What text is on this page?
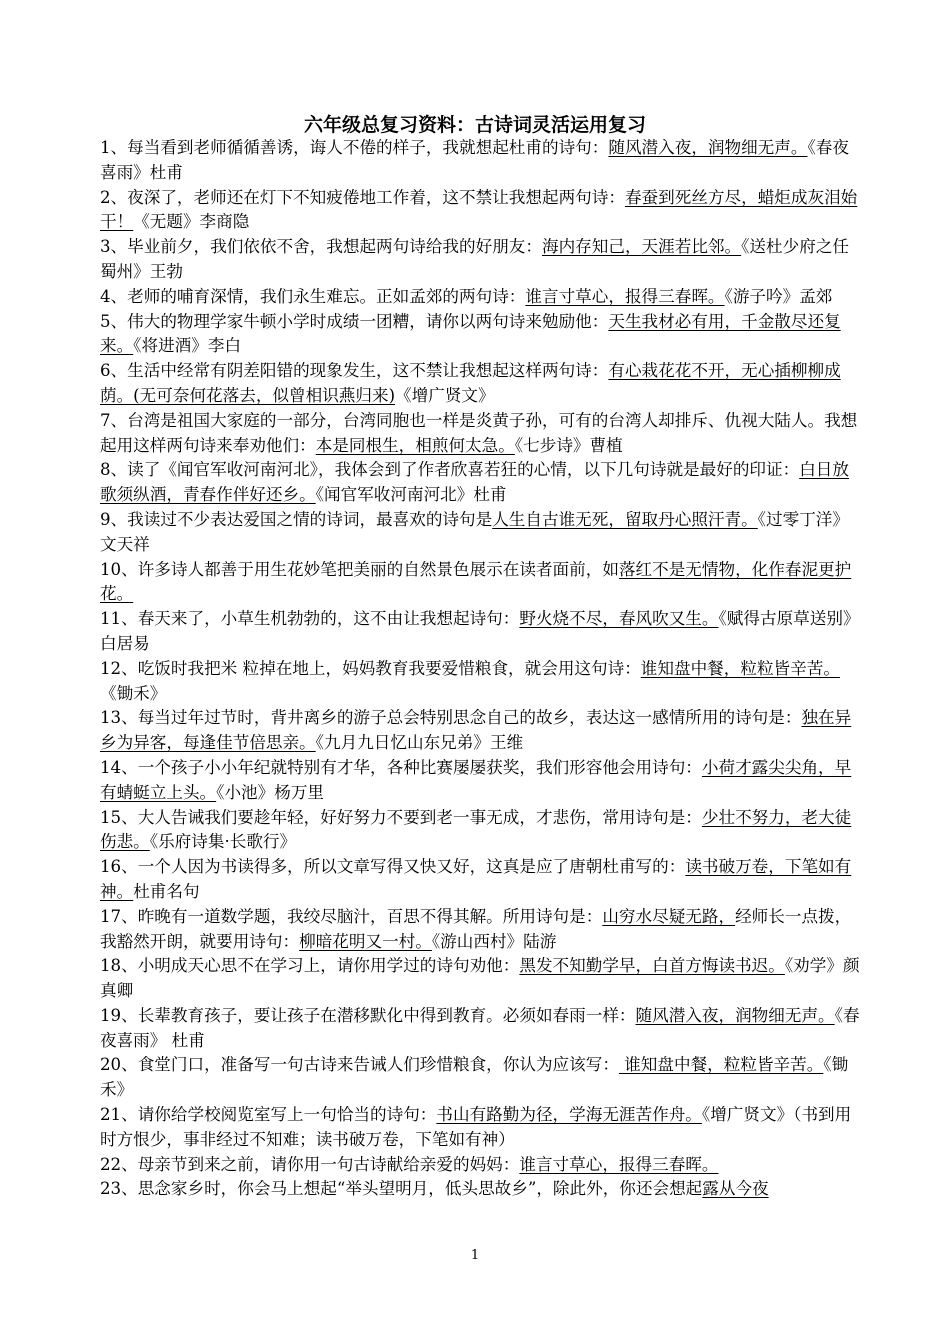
六年级总复习资料：古诗词灵活运用复习

1、每当看到老师循循善诱，诲人不倦的样子，我就想起杜甫的诗句：随风潜入夜，润物细无声。《春夜喜雨》杜甫

2、夜深了，老师还在灯下不知疲倦地工作着，这不禁让我想起两句诗：春蚕到死丝方尽，蜡炬成灰泪始干！《无题》李商隐

3、毕业前夕，我们依依不舍，我想起两句诗给我的好朋友：海内存知己，天涯若比邻。《送杜少府之任蜀州》王勃

4、老师的哺育深情，我们永生难忘。正如孟郊的两句诗：谁言寸草心，报得三春晖。《游子吟》孟郊

5、伟大的物理学家牛顿小学时成绩一团糟，请你以两句诗来勉励他：天生我材必有用，千金散尽还复来。《将进酒》李白

6、生活中经常有阴差阳错的现象发生，这不禁让我想起这样两句诗：有心栽花花不开，无心插柳柳成荫。(无可奈何花落去，似曾相识燕归来)《增广贤文》

7、台湾是祖国大家庭的一部分，台湾同胞也一样是炎黄子孙，可有的台湾人却排斥、仇视大陆人。我想起用这样两句诗来奉劝他们：本是同根生，相煎何太急。《七步诗》曹植

8、读了《闻官军收河南河北》，我体会到了作者欣喜若狂的心情，以下几句诗就是最好的印证：白日放歌须纵酒，青春作伴好还乡。《闻官军收河南河北》杜甫

9、我读过不少表达爱国之情的诗词，最喜欢的诗句是人生自古谁无死，留取丹心照汗青。《过零丁洋》文天祥

10、许多诗人都善于用生花妙笔把美丽的自然景色展示在读者面前，如落红不是无情物，化作春泥更护花。

11、春天来了，小草生机勃勃的，这不由让我想起诗句：野火烧不尽，春风吹又生。《赋得古原草送别》白居易

12、吃饭时我把米 粒掉在地上，妈妈教育我要爱惜粮食，就会用这句诗：谁知盘中餐，粒粒皆辛苦。《锄禾》

13、每当过年过节时，背井离乡的游子总会特别思念自己的故乡，表达这一感情所用的诗句是：独在异乡为异客，每逢佳节倍思亲。《九月九日忆山东兄弟》王维

14、一个孩子小小年纪就特别有才华，各种比赛屡屡获奖，我们形容他会用诗句：小荷才露尖尖角，早有蜻蜓立上头。《小池》杨万里

15、大人告诫我们要趁年轻，好好努力不要到老一事无成，才悲伤，常用诗句是：少壮不努力，老大徒伤悲。《乐府诗集·长歌行》

16、一个人因为书读得多，所以文章写得又快又好，这真是应了唐朝杜甫写的：读书破万卷，下笔如有神。杜甫名句

17、昨晚有一道数学题，我绞尽脑汁，百思不得其解。所用诗句是：山穷水尽疑无路，经师长一点拨，我豁然开朗，就要用诗句：柳暗花明又一村。《游山西村》陆游

18、小明成天心思不在学习上，请你用学过的诗句劝他：黑发不知勤学早，白首方悔读书迟。《劝学》颜真卿

19、长辈教育孩子，要让孩子在潜移默化中得到教育。必须如春雨一样：随风潜入夜，润物细无声。《春夜喜雨》 杜甫

20、食堂门口，准备写一句古诗来告诫人们珍惜粮食，你认为应该写： 谁知盘中餐，粒粒皆辛苦。《锄禾》

21、请你给学校阅览室写上一句恰当的诗句：书山有路勤为径，学海无涯苦作舟。《增广贤文》（书到用时方恨少，事非经过不知难；读书破万卷，下笔如有神）

22、母亲节到来之前，请你用一句古诗献给亲爱的妈妈：谁言寸草心，报得三春晖。

23、思念家乡时，你会马上想起“举头望明月，低头思故乡”，除此外，你还会想起露从今夜

1
